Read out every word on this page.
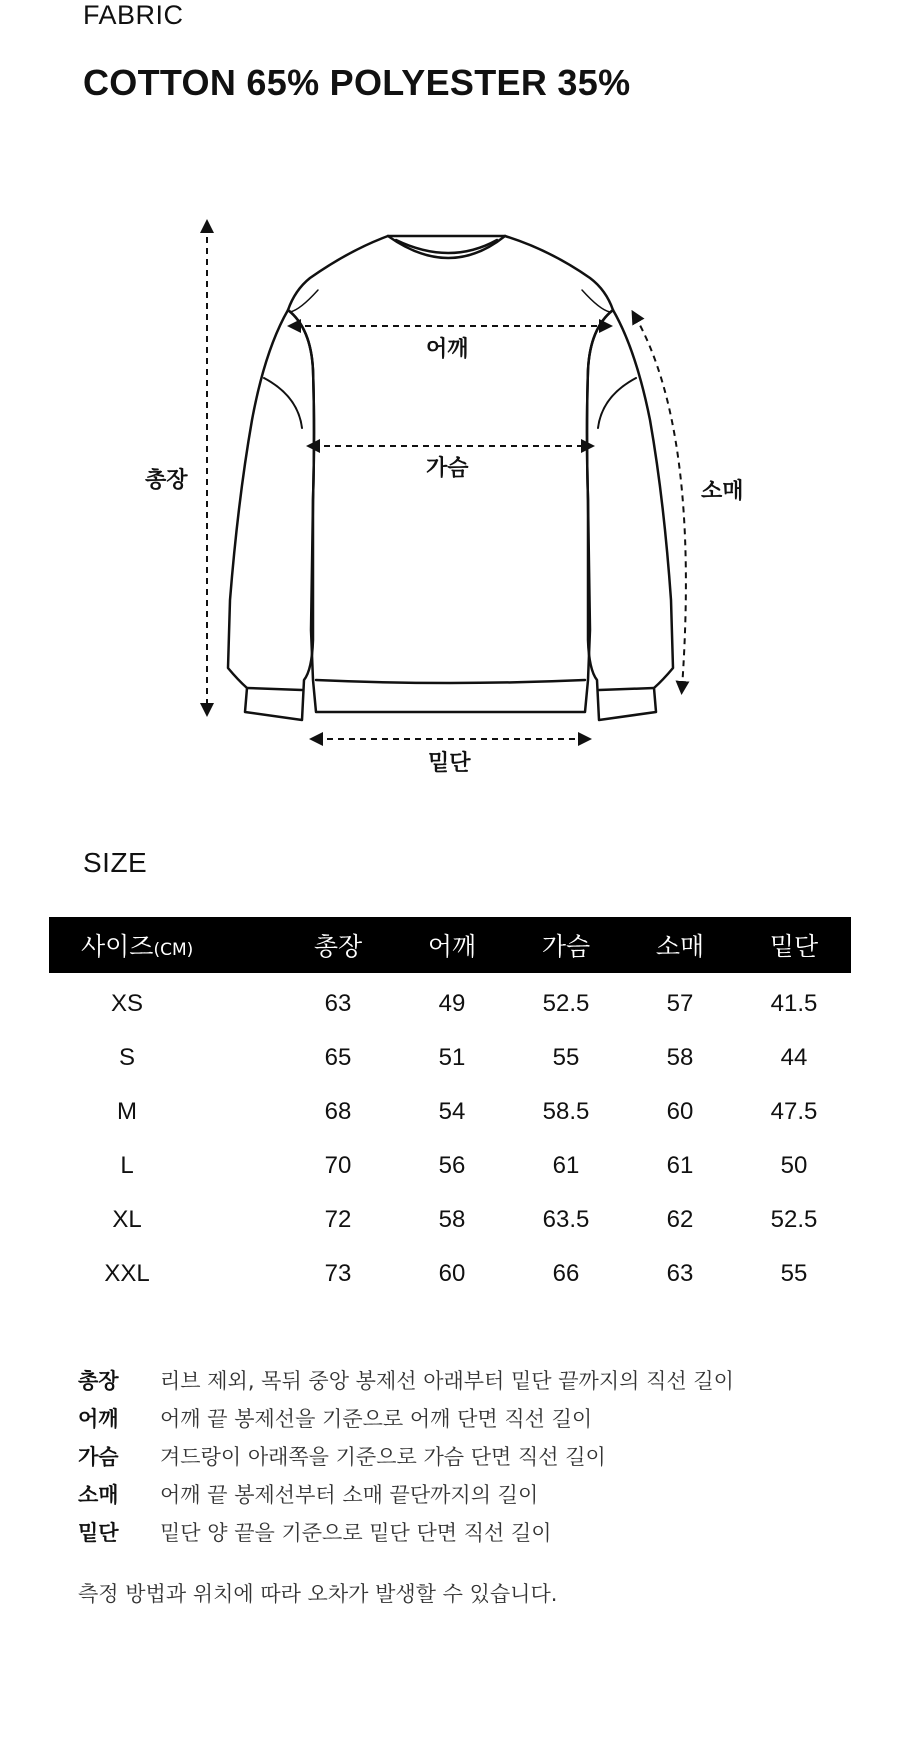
FABRIC
COTTON 65% POLYESTER 35%
총장
어깨
가슴
소매
밑단
SIZE
사이즈(CM)	총장	어깨	가슴	소매	밑단
XS	63	49	52.5	57	41.5
S	65	51	55	58	44
M	68	54	58.5	60	47.5
L	70	56	61	61	50
XL	72	58	63.5	62	52.5
XXL	73	60	66	63	55
총장	리브 제외, 목뒤 중앙 봉제선 아래부터 밑단 끝까지의 직선 길이
어깨	어깨 끝 봉제선을 기준으로 어깨 단면 직선 길이
가슴	겨드랑이 아래쪽을 기준으로 가슴 단면 직선 길이
소매	어깨 끝 봉제선부터 소매 끝단까지의 길이
밑단	밑단 양 끝을 기준으로 밑단 단면 직선 길이
측정 방법과 위치에 따라 오차가 발생할 수 있습니다.
